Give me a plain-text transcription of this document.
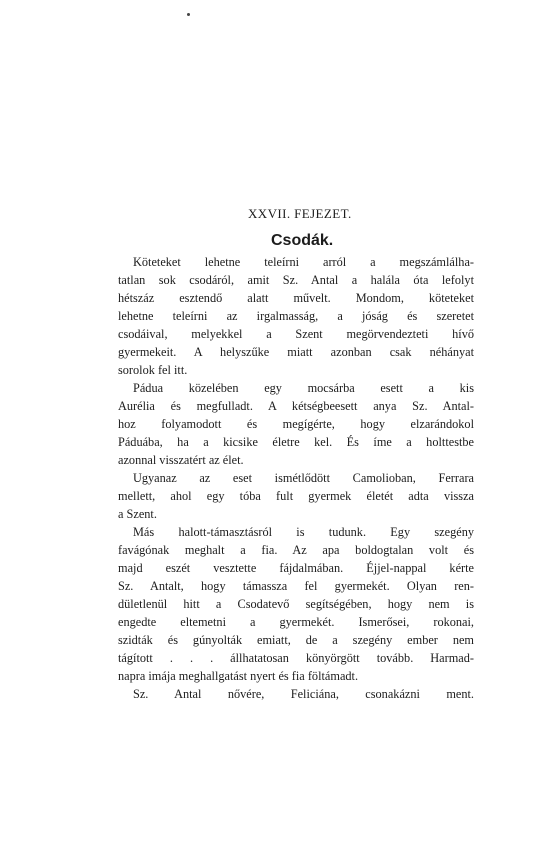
XXVII. FEJEZET.
Csodák.
Köteteket lehetne teleírni arról a megszámlálha-
tatlan sok csodáról, amit Sz. Antal a halála óta lefolyt
hétszáz esztendő alatt művelt. Mondom, köteteket
lehetne teleírni az irgalmasság, a jóság és szeretet
csodáival, melyekkel a Szent megörvendezteti hívő
gyermekeit. A helyszűke miatt azonban csak néhányat
sorolok fel itt.
Pádua közelében egy mocsárba esett a kis
Aurélia és megfulladt. A kétségbeesett anya Sz. Antal-
hoz folyamodott és megígérte, hogy elzarándokol
Páduába, ha a kicsike életre kel. És íme a holttestbe
azonnal visszatért az élet.
Ugyanaz az eset ismétlődött Camolioban, Ferrara
mellett, ahol egy tóba fult gyermek életét adta vissza
a Szent.
Más halott-támasztásról is tudunk. Egy szegény
favágónak meghalt a fia. Az apa boldogtalan volt és
majd eszét vesztette fájdalmában. Éjjel-nappal kérte
Sz. Antalt, hogy támassza fel gyermekét. Olyan ren-
dületlenül hitt a Csodatevő segítségében, hogy nem is
engedte eltemetni a gyermekét. Ismerősei, rokonai,
szidták és gúnyolták emiatt, de a szegény ember nem
tágított . . . állhatatosan könyörgött tovább. Harmad-
napra imája meghallgatást nyert és fia föltámadt.
Sz. Antal nővére, Feliciána, csonakázni ment.
